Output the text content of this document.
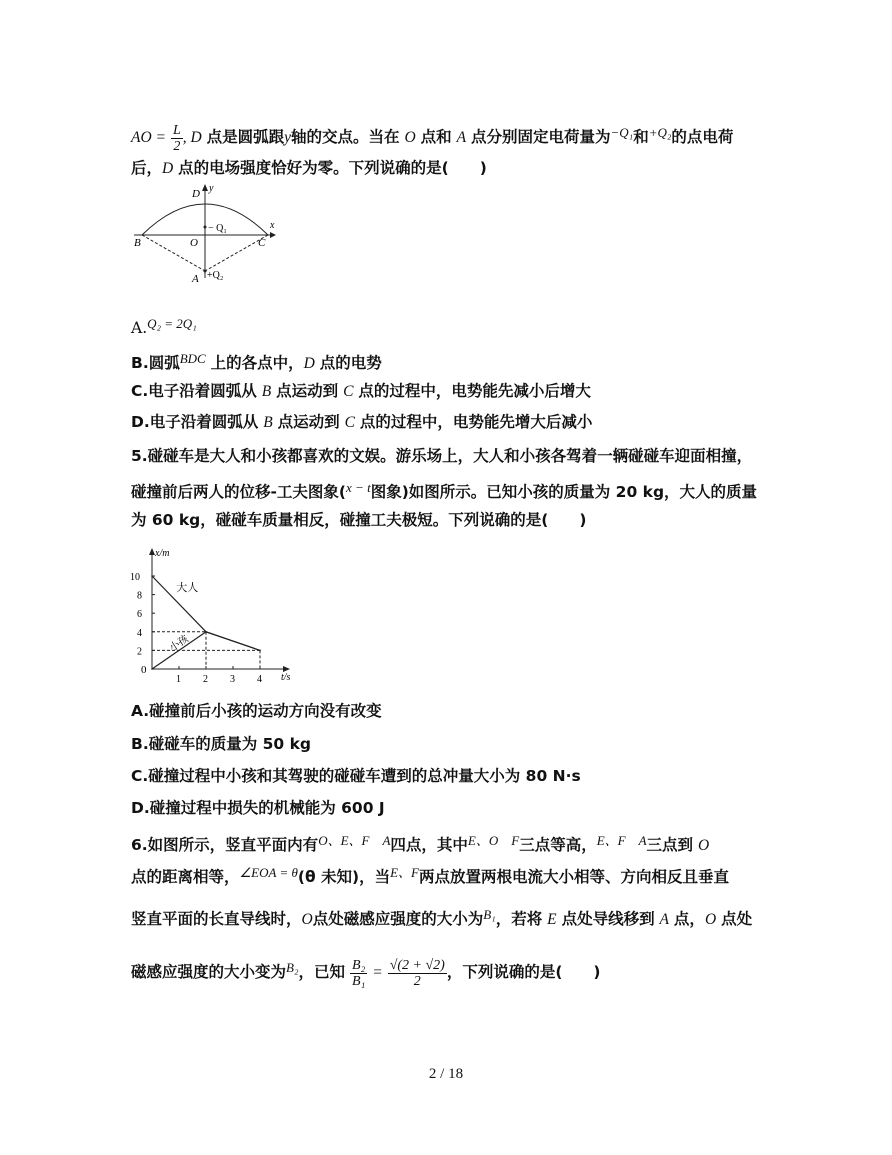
AO = $\frac{L}{2}$ , D 点是圆弧跟y轴的交点。当在 O 点和 A 点分别固定电荷量为$^{-Q_1}$和$^{+Q_2}$的点电荷
后，D 点的电场强度恰好为零。下列说确的是(　　)
D y
x
− Q₁
B	O	C
A +Q₂
A.$^{Q_2 = 2Q_1}$
B.圆弧$^{BDC}$ 上的各点中，D 点的电势
C.电子沿着圆弧从 B 点运动到 C 点的过程中，电势能先减小后增大
D.电子沿着圆弧从 B 点运动到 C 点的过程中，电势能先增大后减小
5.碰碰车是大人和小孩都喜欢的文娱。游乐场上，大人和小孩各驾着一辆碰碰车迎面相撞，
碰撞前后两人的位移-工夫图象($^{x - t}$图象)如图所示。已知小孩的质量为 20 kg，大人的质量
为 60 kg，碰碰车质量相反，碰撞工夫极短。下列说确的是(　　)
x/m
t/s
0
1 2 3 4
2
4
6
8
10
大人
小孩
A.碰撞前后小孩的运动方向没有改变
B.碰碰车的质量为 50 kg
C.碰撞过程中小孩和其驾驶的碰碰车遭到的总冲量大小为 80 N·s
D.碰撞过程中损失的机械能为 600 J
6.如图所示，竖直平面内有$^{O、E、F A}$四点，其中$^{E、O F}$三点等高，$^{E、F A}$三点到 O
点的距离相等，$^{\angle EOA = \theta}$(θ 未知)，当$^{E、F}$两点放置两根电流大小相等、方向相反且垂直
竖直平面的长直导线时，O点处磁感应强度的大小为$^{B_1}$，若将 E 点处导线移到 A 点，O 点处
磁感应强度的大小变为$^{B_2}$，已知 $\frac{\text{B₂}}{\text{B₁}} = \frac{√(2 + √2)}{2}$ ，下列说确的是(　　)
2 / 18
